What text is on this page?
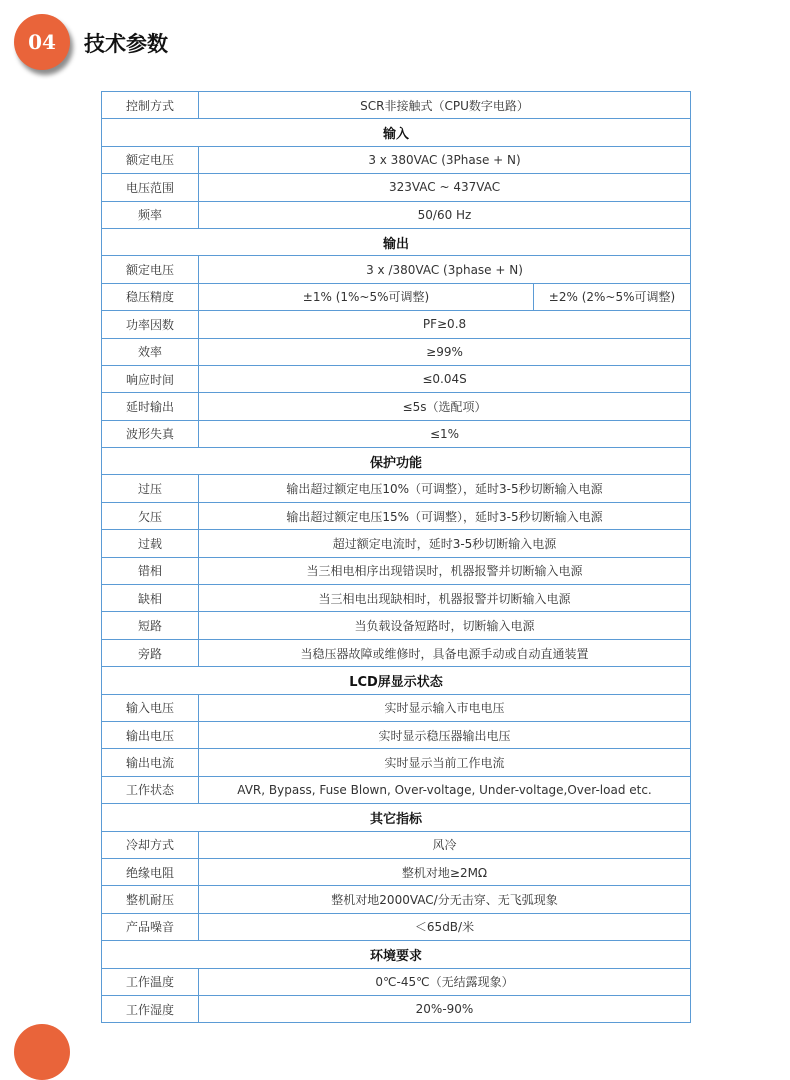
04 技术参数
控制方式	SCR非接触式（CPU数字电路）	
输入		
额定电压	3 x 380VAC (3Phase + N)	
电压范围	323VAC ~ 437VAC	
频率	50/60 Hz	
输出		
额定电压	3 x /380VAC (3phase + N)	
稳压精度	±1% (1%~5%可调整)	±2% (2%~5%可调整)
功率因数	PF≥0.8	
效率	≥99%	
响应时间	≤0.04S	
延时输出	≤5s（选配项）	
波形失真	≤1%	
保护功能		
过压	输出超过额定电压10%（可调整），延时3-5秒切断输入电源	
欠压	输出超过额定电压15%（可调整），延时3-5秒切断输入电源	
过载	超过额定电流时，延时3-5秒切断输入电源	
错相	当三相电相序出现错误时，机器报警并切断输入电源	
缺相	当三相电出现缺相时，机器报警并切断输入电源	
短路	当负载设备短路时，切断输入电源	
旁路	当稳压器故障或维修时，具备电源手动或自动直通装置	
LCD屏显示状态		
输入电压	实时显示输入市电电压	
输出电压	实时显示稳压器输出电压	
输出电流	实时显示当前工作电流	
工作状态	AVR, Bypass, Fuse Blown, Over-voltage, Under-voltage,Over-load etc.	
其它指标		
冷却方式	风冷	
绝缘电阻	整机对地≥2MΩ	
整机耐压	整机对地2000VAC/分无击穿、无飞弧现象	
产品噪音	＜65dB/米	
环境要求		
工作温度	0℃-45℃（无结露现象）	
工作湿度	20%-90%	
